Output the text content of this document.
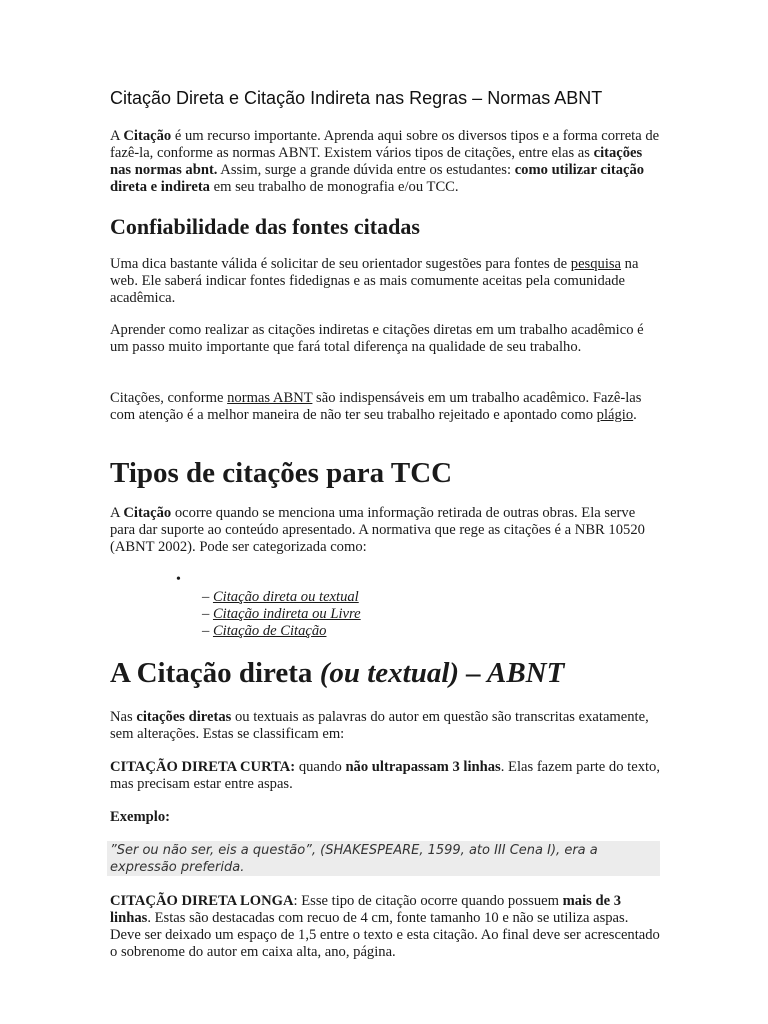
Citação Direta e Citação Indireta nas Regras – Normas ABNT

A Citação é um recurso importante. Aprenda aqui sobre os diversos tipos e a forma correta de fazê-la, conforme as normas ABNT. Existem vários tipos de citações, entre elas as citações nas normas abnt. Assim, surge a grande dúvida entre os estudantes: como utilizar citação direta e indireta em seu trabalho de monografia e/ou TCC.

Confiabilidade das fontes citadas

Uma dica bastante válida é solicitar de seu orientador sugestões para fontes de pesquisa na web. Ele saberá indicar fontes fidedignas e as mais comumente aceitas pela comunidade acadêmica.

Aprender como realizar as citações indiretas e citações diretas em um trabalho acadêmico é um passo muito importante que fará total diferença na qualidade de seu trabalho.

Citações, conforme normas ABNT são indispensáveis em um trabalho acadêmico. Fazê-las com atenção é a melhor maneira de não ter seu trabalho rejeitado e apontado como plágio.

Tipos de citações para TCC

A Citação ocorre quando se menciona uma informação retirada de outras obras. Ela serve para dar suporte ao conteúdo apresentado. A normativa que rege as citações é a NBR 10520 (ABNT 2002). Pode ser categorizada como:

•
– Citação direta ou textual
– Citação indireta ou Livre
– Citação de Citação
A Citação direta (ou textual) – ABNT

Nas citações diretas ou textuais as palavras do autor em questão são transcritas exatamente, sem alterações. Estas se classificam em:

CITAÇÃO DIRETA CURTA: quando não ultrapassam 3 linhas. Elas fazem parte do texto, mas precisam estar entre aspas.

Exemplo:

”Ser ou não ser, eis a questão”, (SHAKESPEARE, 1599, ato III Cena I), era a expressão preferida.

CITAÇÃO DIRETA LONGA: Esse tipo de citação ocorre quando possuem mais de 3 linhas. Estas são destacadas com recuo de 4 cm, fonte tamanho 10 e não se utiliza aspas. Deve ser deixado um espaço de 1,5 entre o texto e esta citação. Ao final deve ser acrescentado o sobrenome do autor em caixa alta, ano, página.
